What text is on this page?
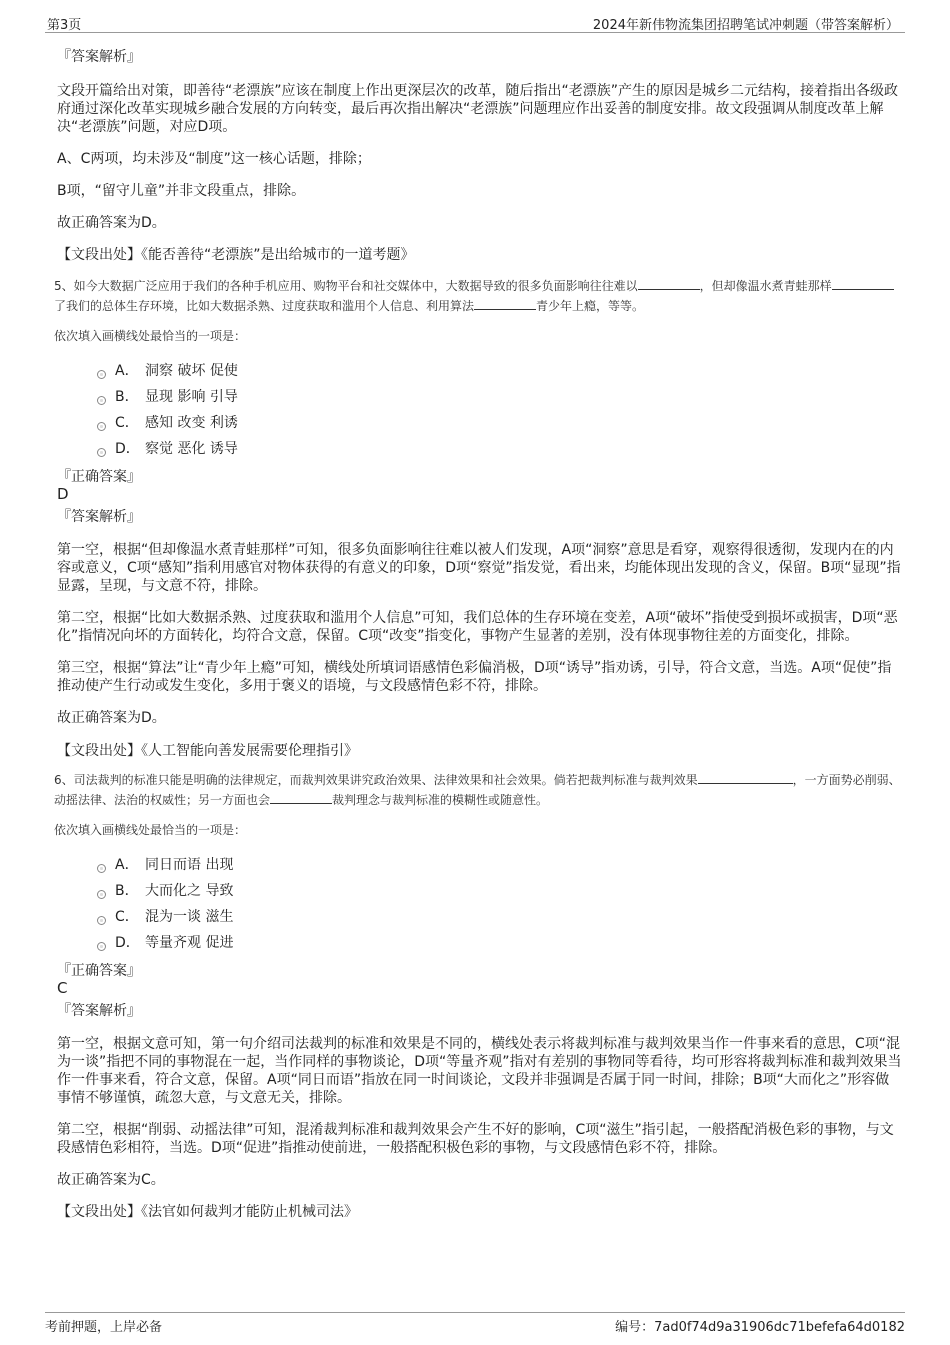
第3页	2024年新伟物流集团招聘笔试冲刺题（带答案解析）

『答案解析』

文段开篇给出对策，即善待“老漂族”应该在制度上作出更深层次的改革，随后指出“老漂族”产生的原因是城乡二元结构，接着指出各级政府通过深化改革实现城乡融合发展的方向转变，最后再次指出解决“老漂族”问题理应作出妥善的制度安排。故文段强调从制度改革上解决“老漂族”问题，对应D项。

A、C两项，均未涉及“制度”这一核心话题，排除；

B项，“留守儿童”并非文段重点，排除。

故正确答案为D。

【文段出处】《能否善待“老漂族”是出给城市的一道考题》

5、如今大数据广泛应用于我们的各种手机应用、购物平台和社交媒体中，大数据导致的很多负面影响往往难以	，但却像温水煮青蛙那样了我们的总体生存环境，比如大数据杀熟、过度获取和滥用个人信息、利用算法	青少年上瘾，等等。

依次填入画横线处最恰当的一项是：

A． 洞察 破坏 促使
B． 显现 影响 引导
C． 感知 改变 利诱
D． 察觉 恶化 诱导

『正确答案』

D

『答案解析』

第一空，根据“但却像温水煮青蛙那样”可知，很多负面影响往往难以被人们发现，A项“洞察”意思是看穿，观察得很透彻，发现内在的内容或意义，C项“感知”指利用感官对物体获得的有意义的印象，D项“察觉”指发觉，看出来，均能体现出发现的含义，保留。B项“显现”指显露，呈现，与文意不符，排除。

第二空，根据“比如大数据杀熟、过度获取和滥用个人信息”可知，我们总体的生存环境在变差，A项“破坏”指使受到损坏或损害，D项“恶化”指情况向坏的方面转化，均符合文意，保留。C项“改变”指变化，事物产生显著的差别，没有体现事物往差的方面变化，排除。

第三空，根据“算法”让“青少年上瘾”可知，横线处所填词语感情色彩偏消极，D项“诱导”指劝诱，引导，符合文意，当选。A项“促使”指推动使产生行动或发生变化，多用于褒义的语境，与文段感情色彩不符，排除。

故正确答案为D。

【文段出处】《人工智能向善发展需要伦理指引》

6、司法裁判的标准只能是明确的法律规定，而裁判效果讲究政治效果、法律效果和社会效果。倘若把裁判标准与裁判效果	，一方面势必削弱、动摇法律、法治的权威性；另一方面也会	裁判理念与裁判标准的模糊性或随意性。

依次填入画横线处最恰当的一项是：

A． 同日而语 出现
B． 大而化之 导致
C． 混为一谈 滋生
D． 等量齐观 促进

『正确答案』

C

『答案解析』

第一空，根据文意可知，第一句介绍司法裁判的标准和效果是不同的，横线处表示将裁判标准与裁判效果当作一件事来看的意思，C项“混为一谈”指把不同的事物混在一起，当作同样的事物谈论，D项“等量齐观”指对有差别的事物同等看待，均可形容将裁判标准和裁判效果当作一件事来看，符合文意，保留。A项“同日而语”指放在同一时间谈论，文段并非强调是否属于同一时间，排除；B项“大而化之”形容做事情不够谨慎，疏忽大意，与文意无关，排除。

第二空，根据“削弱、动摇法律”可知，混淆裁判标准和裁判效果会产生不好的影响，C项“滋生”指引起，一般搭配消极色彩的事物，与文段感情色彩相符，当选。D项“促进”指推动使前进，一般搭配积极色彩的事物，与文段感情色彩不符，排除。

故正确答案为C。

【文段出处】《法官如何裁判才能防止机械司法》

考前押题，上岸必备	编号：7ad0f74d9a31906dc71befefa64d0182
